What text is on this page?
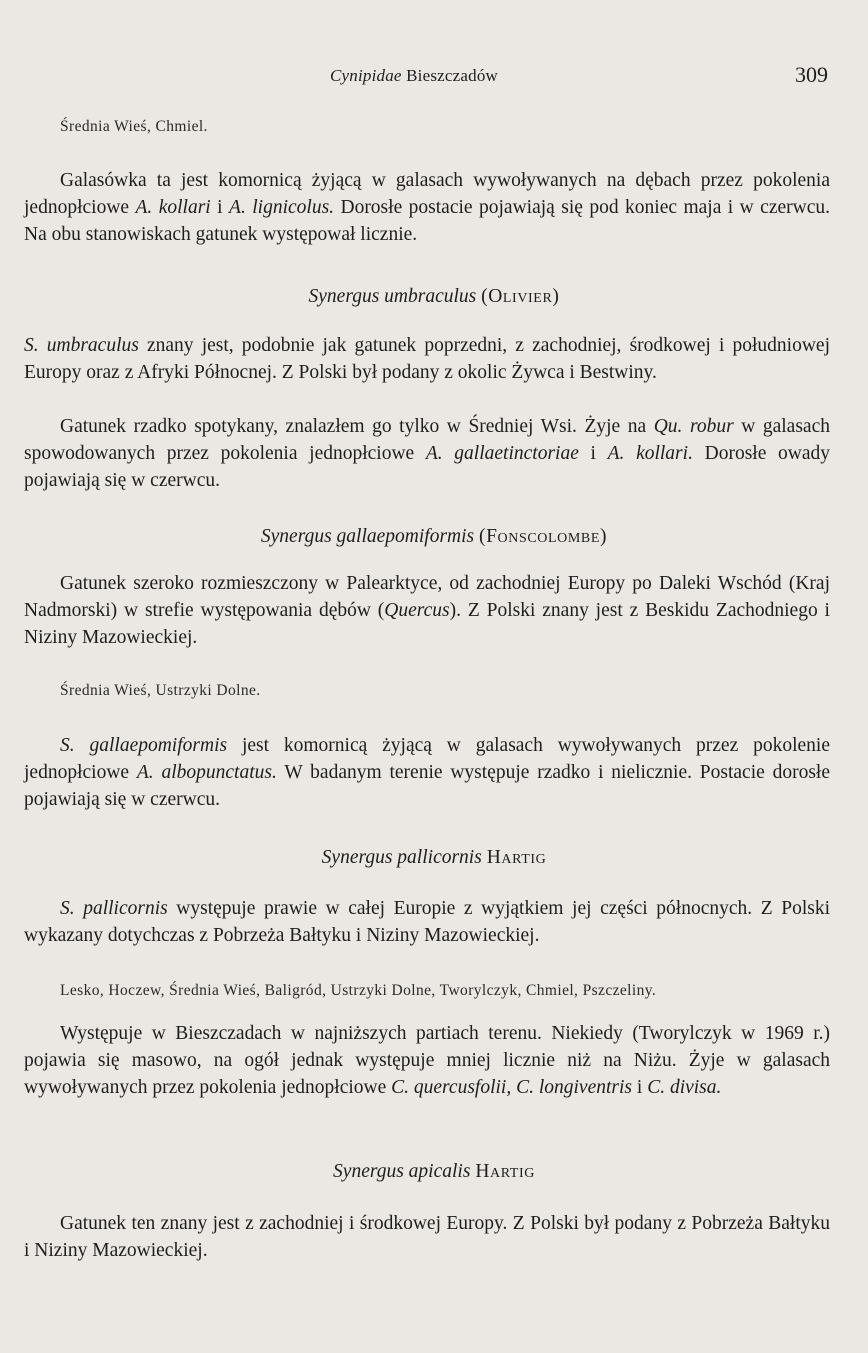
Cynipidae Bieszczadów	309
Średnia Wieś, Chmiel.

Galasówka ta jest komornicą żyjącą w galasach wywoływanych na dębach przez pokolenia jednopłciowe A. kollari i A. lignicolus. Dorosłe postacie pojawiają się pod koniec maja i w czerwcu. Na obu stanowiskach gatunek występował licznie.

Synergus umbraculus (Olivier)

S. umbraculus znany jest, podobnie jak gatunek poprzedni, z zachodniej, środkowej i południowej Europy oraz z Afryki Północnej. Z Polski był podany z okolic Żywca i Bestwiny.

Gatunek rzadko spotykany, znalazłem go tylko w Średniej Wsi. Żyje na Qu. robur w galasach spowodowanych przez pokolenia jednopłciowe A. gallaetinctoriae i A. kollari. Dorosłe owady pojawiają się w czerwcu.

Synergus gallaepomiformis (Fonscolombe)

Gatunek szeroko rozmieszczony w Palearktyce, od zachodniej Europy po Daleki Wschód (Kraj Nadmorski) w strefie występowania dębów (Quercus). Z Polski znany jest z Beskidu Zachodniego i Niziny Mazowieckiej.

Średnia Wieś, Ustrzyki Dolne.

S. gallaepomiformis jest komornicą żyjącą w galasach wywoływanych przez pokolenie jednopłciowe A. albopunctatus. W badanym terenie występuje rzadko i nielicznie. Postacie dorosłe pojawiają się w czerwcu.

Synergus pallicornis Hartig

S. pallicornis występuje prawie w całej Europie z wyjątkiem jej części północnych. Z Polski wykazany dotychczas z Pobrzeża Bałtyku i Niziny Mazowieckiej.

Lesko, Hoczew, Średnia Wieś, Baligród, Ustrzyki Dolne, Tworylczyk, Chmiel, Pszczeliny.

Występuje w Bieszczadach w najniższych partiach terenu. Niekiedy (Tworylczyk w 1969 r.) pojawia się masowo, na ogół jednak występuje mniej licznie niż na Niżu. Żyje w galasach wywoływanych przez pokolenia jednopłciowe C. quercusfolii, C. longiventris i C. divisa.

Synergus apicalis Hartig

Gatunek ten znany jest z zachodniej i środkowej Europy. Z Polski był podany z Pobrzeża Bałtyku i Niziny Mazowieckiej.
